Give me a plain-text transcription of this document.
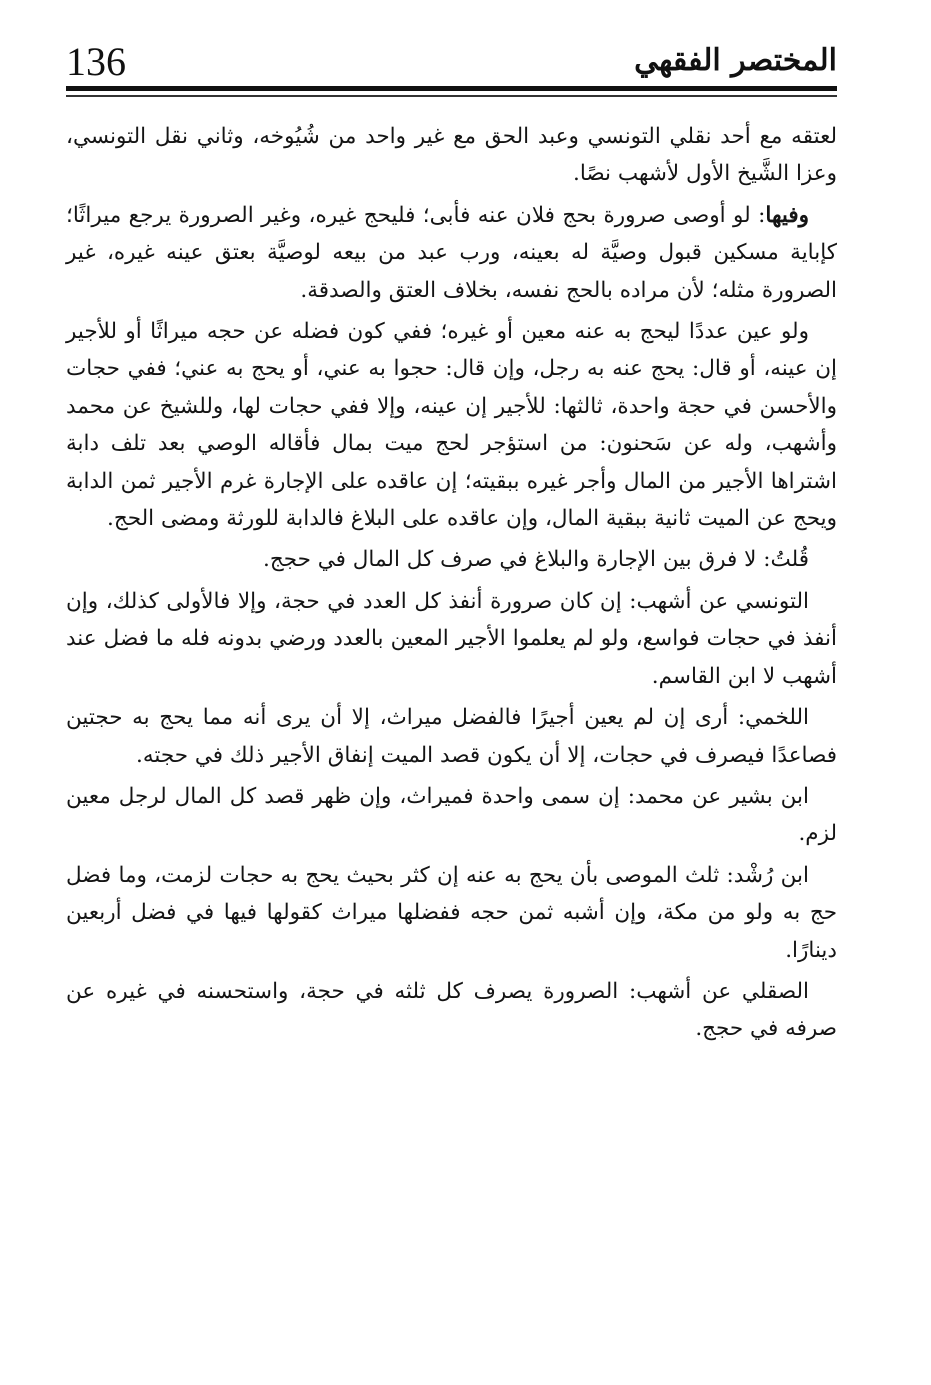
136	المختصر الفقهي

لعتقه مع أحد نقلي التونسي وعبد الحق مع غير واحد من شُيُوخه، وثاني نقل التونسي، وعزا الشَّيخ الأول لأشهب نصًا.

وفيها: لو أوصى صرورة بحج فلان عنه فأبى؛ فليحج غيره، وغير الصرورة يرجع ميراثًا؛ كإباية مسكين قبول وصيَّة له بعينه، ورب عبد من بيعه لوصيَّة بعتق عينه غيره، غير الصرورة مثله؛ لأن مراده بالحج نفسه، بخلاف العتق والصدقة.

ولو عين عددًا ليحج به عنه معين أو غيره؛ ففي كون فضله عن حجه ميراثًا أو للأجير إن عينه، أو قال: يحج عنه به رجل، وإن قال: حجوا به عني، أو يحج به عني؛ ففي حجات والأحسن في حجة واحدة، ثالثها: للأجير إن عينه، وإلا ففي حجات لها، وللشيخ عن محمد وأشهب، وله عن سَحنون: من استؤجر لحج ميت بمال فأقاله الوصي بعد تلف دابة اشتراها الأجير من المال وأجر غيره ببقيته؛ إن عاقده على الإجارة غرم الأجير ثمن الدابة ويحج عن الميت ثانية ببقية المال، وإن عاقده على البلاغ فالدابة للورثة ومضى الحج.

قُلتُ: لا فرق بين الإجارة والبلاغ في صرف كل المال في حجج.

التونسي عن أشهب: إن كان صرورة أنفذ كل العدد في حجة، وإلا فالأولى كذلك، وإن أنفذ في حجات فواسع، ولو لم يعلموا الأجير المعين بالعدد ورضي بدونه فله ما فضل عند أشهب لا ابن القاسم.

اللخمي: أرى إن لم يعين أجيرًا فالفضل ميراث، إلا أن يرى أنه مما يحج به حجتين فصاعدًا فيصرف في حجات، إلا أن يكون قصد الميت إنفاق الأجير ذلك في حجته.

ابن بشير عن محمد: إن سمى واحدة فميراث، وإن ظهر قصد كل المال لرجل معين لزم.

ابن رُشْد: ثلث الموصى بأن يحج به عنه إن كثر بحيث يحج به حجات لزمت، وما فضل حج به ولو من مكة، وإن أشبه ثمن حجه ففضلها ميراث كقولها فيها في فضل أربعين دينارًا.

الصقلي عن أشهب: الصرورة يصرف كل ثلثه في حجة، واستحسنه في غيره عن صرفه في حجج.
